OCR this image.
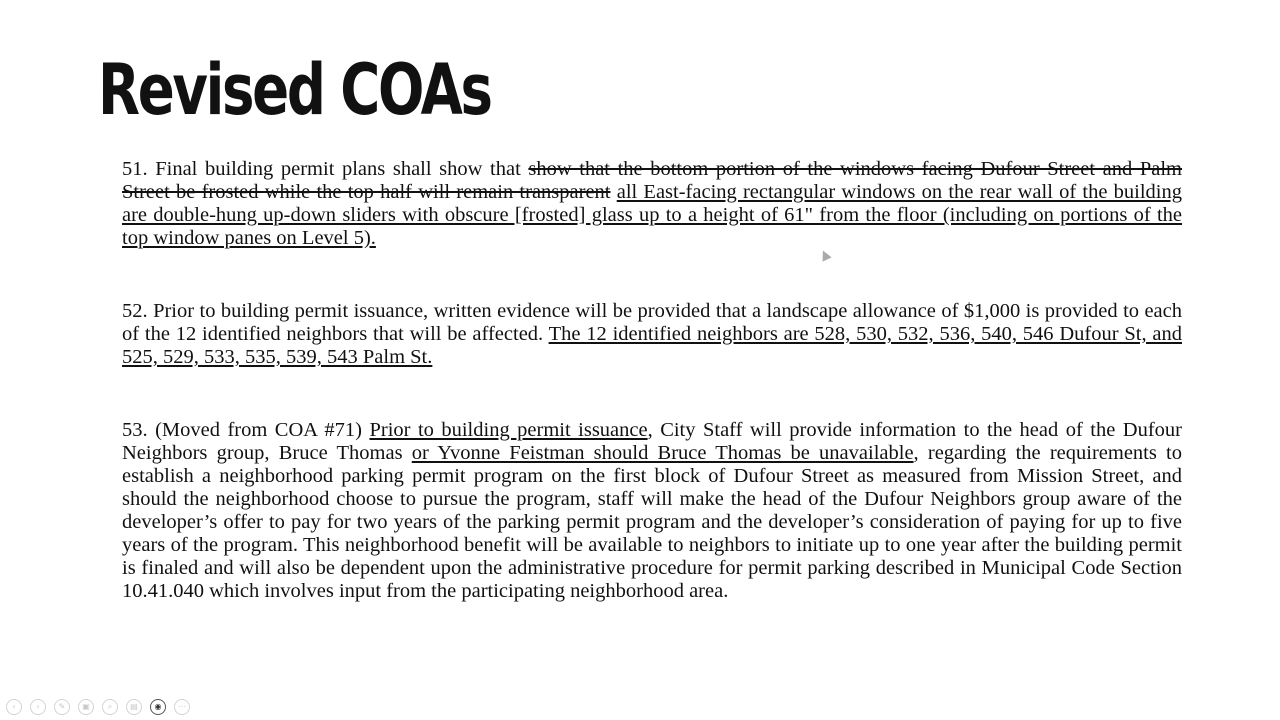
Revised COAs

51. Final building permit plans shall show that show that the bottom portion of the windows facing Dufour Street and Palm Street be frosted while the top half will remain transparent all East-facing rectangular windows on the rear wall of the building are double-hung up-down sliders with obscure [frosted] glass up to a height of 61" from the floor (including on portions of the top window panes on Level 5).

52. Prior to building permit issuance, written evidence will be provided that a landscape allowance of $1,000 is provided to each of the 12 identified neighbors that will be affected. The 12 identified neighbors are 528, 530, 532, 536, 540, 546 Dufour St, and 525, 529, 533, 535, 539, 543 Palm St.

53. (Moved from COA #71) Prior to building permit issuance, City Staff will provide information to the head of the Dufour Neighbors group, Bruce Thomas or Yvonne Feistman should Bruce Thomas be unavailable, regarding the requirements to establish a neighborhood parking permit program on the first block of Dufour Street as measured from Mission Street, and should the neighborhood choose to pursue the program, staff will make the head of the Dufour Neighbors group aware of the developer’s offer to pay for two years of the parking permit program and the developer’s consideration of paying for up to five years of the program. This neighborhood benefit will be available to neighbors to initiate up to one year after the building permit is finaled and will also be dependent upon the administrative procedure for permit parking described in Municipal Code Section 10.41.040 which involves input from the participating neighborhood area.

‹	›	✎	▣	⌕	▤	◉	⋯
